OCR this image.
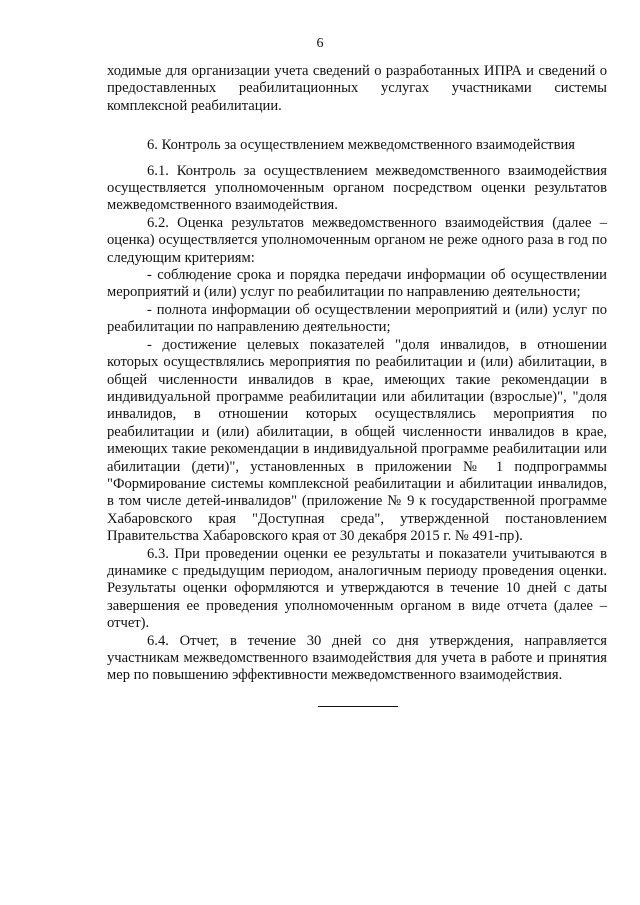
6

ходимые для организации учета сведений о разработанных ИПРА и сведений о предоставленных реабилитационных услугах участниками системы комплексной реабилитации.

6. Контроль за осуществлением межведомственного взаимодействия

6.1. Контроль за осуществлением межведомственного взаимодействия осуществляется уполномоченным органом посредством оценки результатов межведомственного взаимодействия.

6.2. Оценка результатов межведомственного взаимодействия (далее – оценка) осуществляется уполномоченным органом не реже одного раза в год по следующим критериям:

- соблюдение срока и порядка передачи информации об осуществлении мероприятий и (или) услуг по реабилитации по направлению деятельности;

- полнота информации об осуществлении мероприятий и (или) услуг по реабилитации по направлению деятельности;

- достижение целевых показателей "доля инвалидов, в отношении которых осуществлялись мероприятия по реабилитации и (или) абилитации, в общей численности инвалидов в крае, имеющих такие рекомендации в индивидуальной программе реабилитации или абилитации (взрослые)", "доля инвалидов, в отношении которых осуществлялись мероприятия по реабилитации и (или) абилитации, в общей численности инвалидов в крае, имеющих такие рекомендации в индивидуальной программе реабилитации или абилитации (дети)", установленных в приложении № 1 подпрограммы "Формирование системы комплексной реабилитации и абилитации инвалидов, в том числе детей-инвалидов" (приложение № 9 к государственной программе Хабаровского края "Доступная среда", утвержденной постановлением Правительства Хабаровского края от 30 декабря 2015 г. № 491-пр).

6.3. При проведении оценки ее результаты и показатели учитываются в динамике с предыдущим периодом, аналогичным периоду проведения оценки. Результаты оценки оформляются и утверждаются в течение 10 дней с даты завершения ее проведения уполномоченным органом в виде отчета (далее – отчет).

6.4. Отчет, в течение 30 дней со дня утверждения, направляется участникам межведомственного взаимодействия для учета в работе и принятия мер по повышению эффективности межведомственного взаимодействия.
